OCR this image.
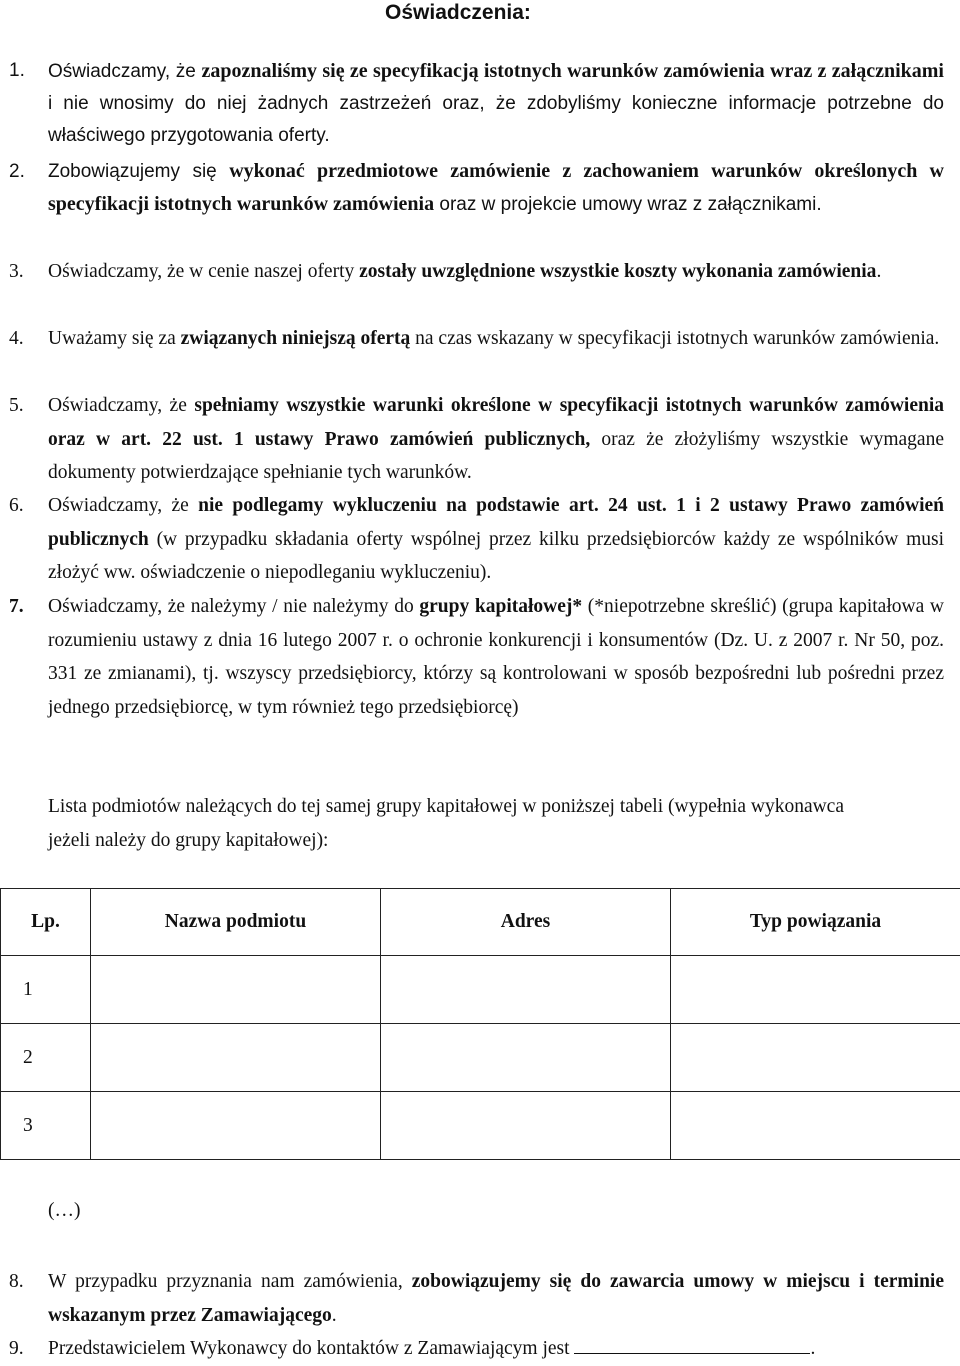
Oświadczenia:
1. Oświadczamy, że zapoznaliśmy się ze specyfikacją istotnych warunków zamówienia wraz z załącznikami i nie wnosimy do niej żadnych zastrzeżeń oraz, że zdobyliśmy konieczne informacje potrzebne do właściwego przygotowania oferty.
2. Zobowiązujemy się wykonać przedmiotowe zamówienie z zachowaniem warunków określonych w specyfikacji istotnych warunków zamówienia oraz w projekcie umowy wraz z załącznikami.
3. Oświadczamy, że w cenie naszej oferty zostały uwzględnione wszystkie koszty wykonania zamówienia.
4. Uważamy się za związanych niniejszą ofertą na czas wskazany w specyfikacji istotnych warunków zamówienia.
5. Oświadczamy, że spełniamy wszystkie warunki określone w specyfikacji istotnych warunków zamówienia oraz w art. 22 ust. 1 ustawy Prawo zamówień publicznych, oraz że złożyliśmy wszystkie wymagane dokumenty potwierdzające spełnianie tych warunków.
6. Oświadczamy, że nie podlegamy wykluczeniu na podstawie art. 24 ust. 1 i 2 ustawy Prawo zamówień publicznych (w przypadku składania oferty wspólnej przez kilku przedsiębiorców każdy ze wspólników musi złożyć ww. oświadczenie o niepodleganiu wykluczeniu).
7. Oświadczamy, że należymy / nie należymy do grupy kapitałowej* (*niepotrzebne skreślić) (grupa kapitałowa w rozumieniu ustawy z dnia 16 lutego 2007 r. o ochronie konkurencji i konsumentów (Dz. U. z 2007 r. Nr 50, poz. 331 ze zmianami), tj. wszyscy przedsiębiorcy, którzy są kontrolowani w sposób bezpośredni lub pośredni przez jednego przedsiębiorcę, w tym również tego przedsiębiorcę)
Lista podmiotów należących do tej samej grupy kapitałowej w poniższej tabeli (wypełnia wykonawca jeżeli należy do grupy kapitałowej):
Lp.	Nazwa podmiotu	Adres	Typ powiązania
1			
2			
3			
(…)
8. W przypadku przyznania nam zamówienia, zobowiązujemy się do zawarcia umowy w miejscu i terminie wskazanym przez Zamawiającego.
9. Przedstawicielem Wykonawcy do kontaktów z Zamawiającym jest	.
